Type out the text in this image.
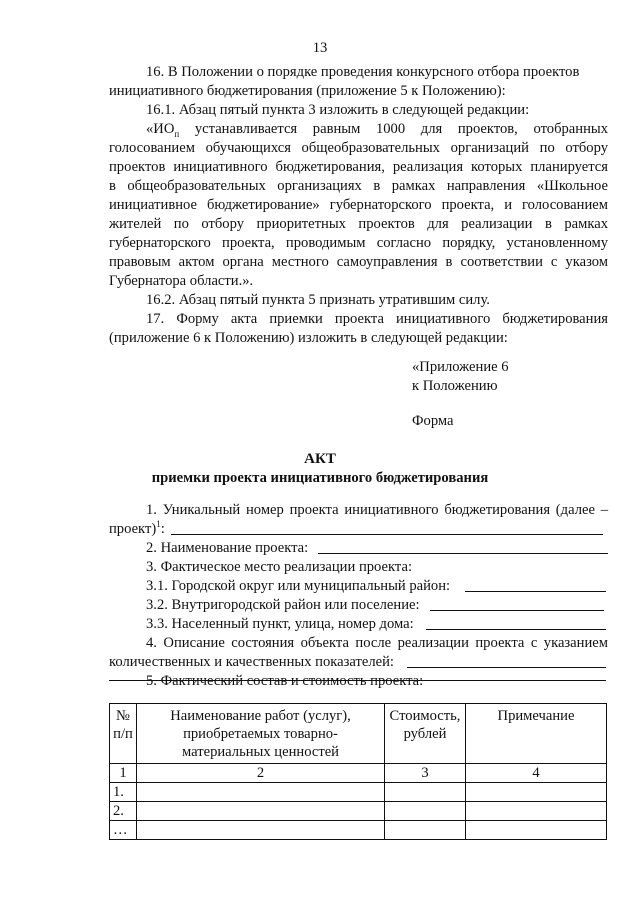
13
16. В Положении о порядке проведения конкурсного отбора проектов
инициативного бюджетирования (приложение 5 к Положению):
16.1. Абзац пятый пункта 3 изложить в следующей редакции:
«$ИО_п$ устанавливается равным 1000 для проектов, отобранных
голосованием обучающихся общеобразовательных организаций по отбору
проектов инициативного бюджетирования, реализация которых планируется
в общеобразовательных организациях в рамках направления «Школьное
инициативное бюджетирование» губернаторского проекта, и голосованием
жителей по отбору приоритетных проектов для реализации в рамках
губернаторского проекта, проводимым согласно порядку, установленному
правовым актом органа местного самоуправления в соответствии с указом
Губернатора области.».
16.2. Абзац пятый пункта 5 признать утратившим силу.
17. Форму акта приемки проекта инициативного бюджетирования
(приложение 6 к Положению) изложить в следующей редакции:
«Приложение 6
к Положению
Форма
АКТ
приемки проекта инициативного бюджетирования
1. Уникальный номер проекта инициативного бюджетирования (далее –
проект)$^1$:
2. Наименование проекта:
3. Фактическое место реализации проекта:
3.1. Городской округ или муниципальный район:
3.2. Внутригородской район или поселение:
3.3. Населенный пункт, улица, номер дома:
4. Описание состояния объекта после реализации проекта с указанием
количественных и качественных показателей:
5. Фактический состав и стоимость проекта:
№
п/п	Наименование работ (услуг),
приобретаемых товарно-
материальных ценностей	Стоимость,
рублей	Примечание
1	2	3	4
1.			
2.			
…			
